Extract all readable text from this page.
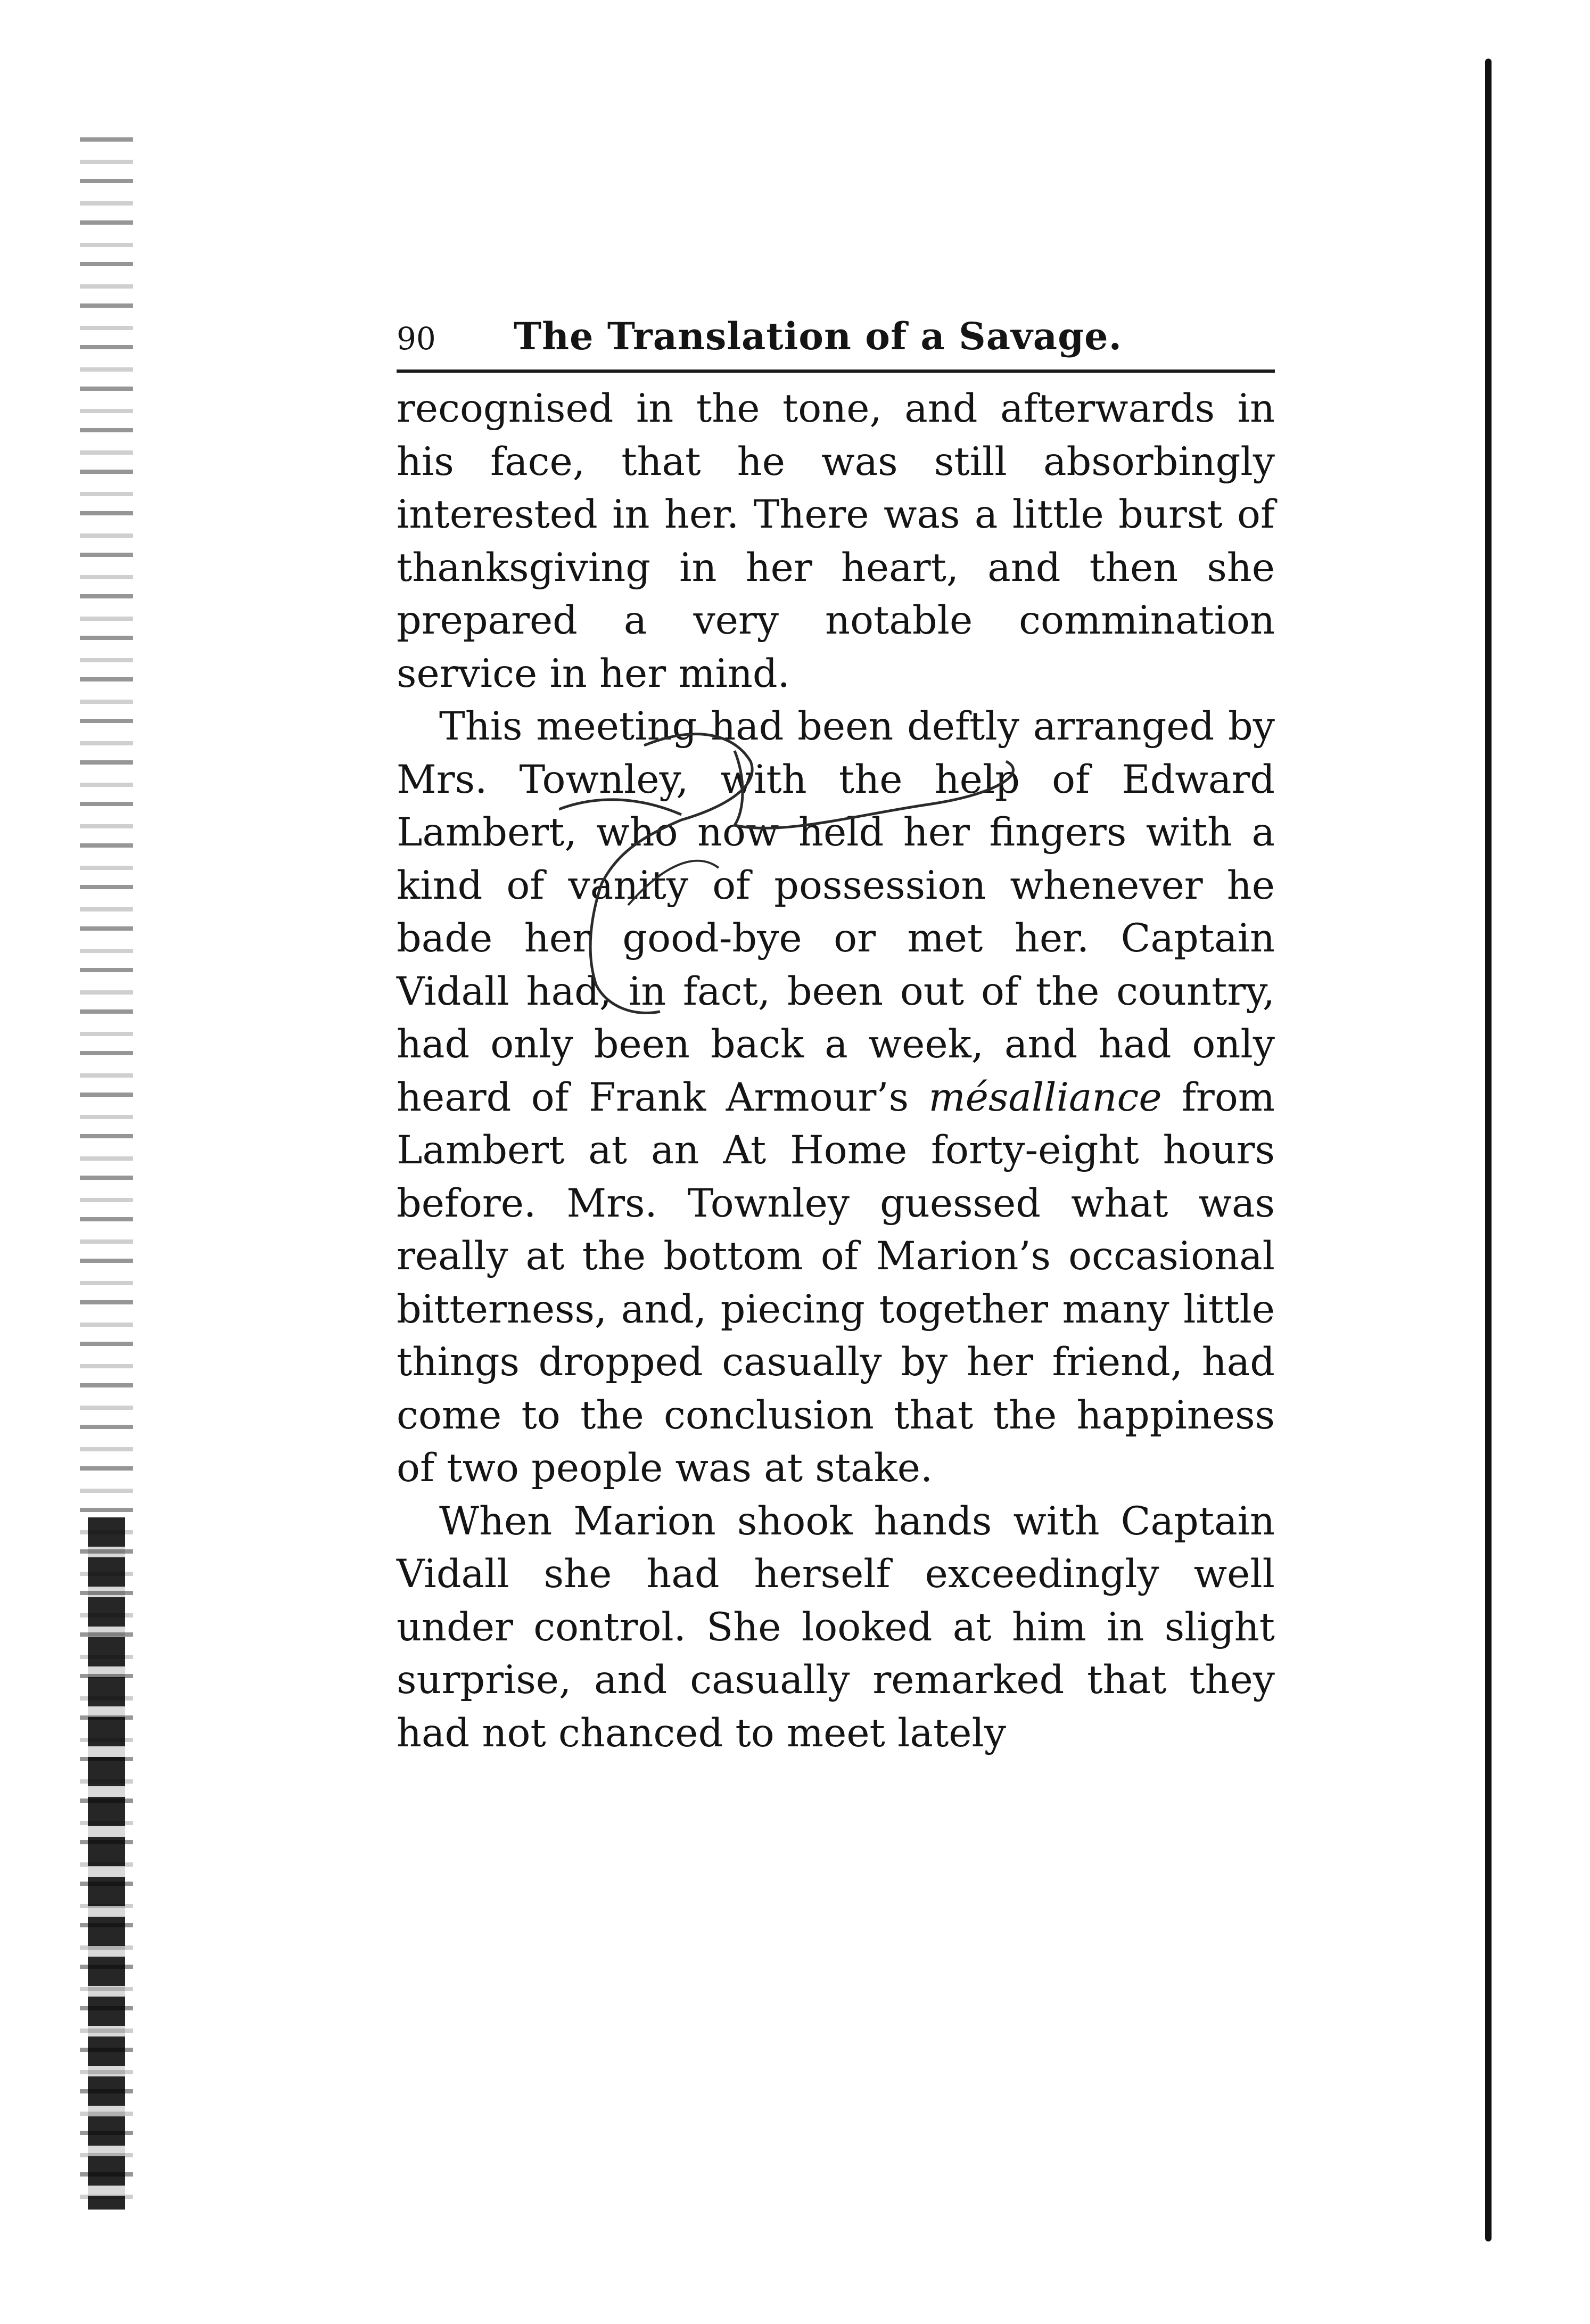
90	The Translation of a Savage.

recognised in the tone, and afterwards in his face, that he was still absorbingly interested in her. There was a little burst of thanksgiving in her heart, and then she prepared a very notable commination service in her mind.

This meeting had been deftly arranged by Mrs. Townley, with the help of Edward Lambert, who now held her fingers with a kind of vanity of possession whenever he bade her good-bye or met her. Captain Vidall had, in fact, been out of the country, had only been back a week, and had only heard of Frank Armour’s mésalliance from Lambert at an At Home forty-eight hours before. Mrs. Townley guessed what was really at the bottom of Marion’s occasional bitterness, and, piecing together many little things dropped casually by her friend, had come to the conclusion that the happiness of two people was at stake.

When Marion shook hands with Captain Vidall she had herself exceedingly well under control. She looked at him in slight surprise, and casually remarked that they had not chanced to meet lately
